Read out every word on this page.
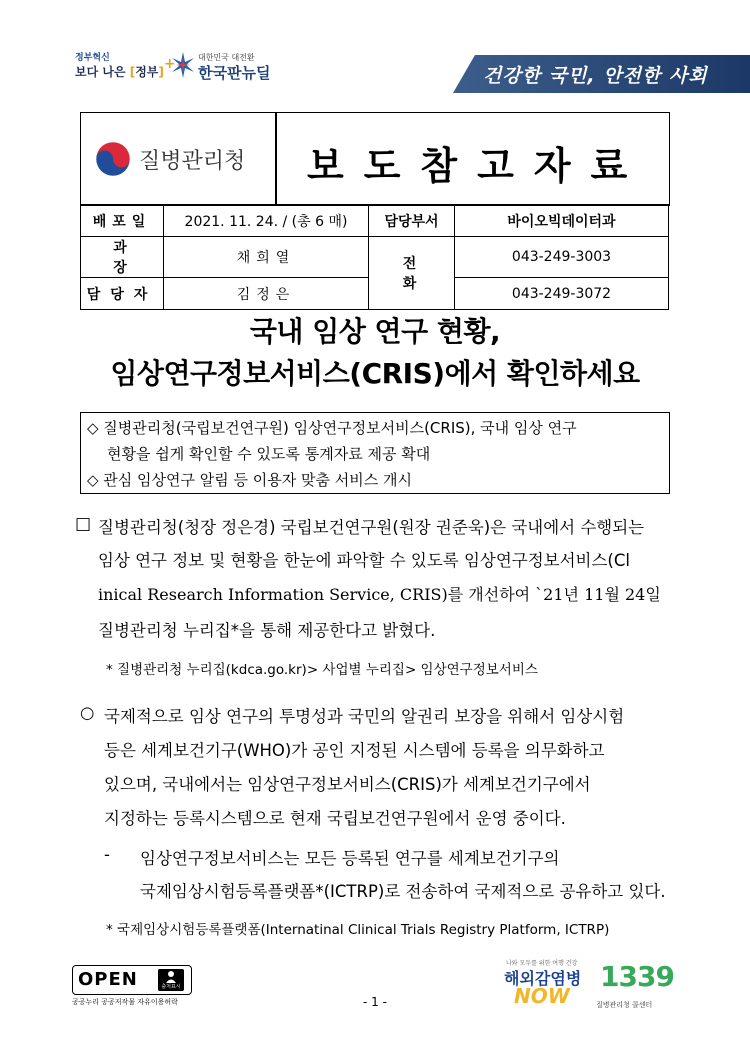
정부혁신
보다 나은 [정부]+	대한민국 대전환
한국판뉴딜	건강한 국민, 안전한 사회
질병관리청 보도참고자료
배포일	2021. 11. 24. / (총 6 매)	담당부서	바이오빅데이터과
과장	채희열	전화	043-249-3003
담당자	김정은		043-249-3072
국내 임상 연구 현황,
임상연구정보서비스(CRIS)에서 확인하세요
◇ 질병관리청(국립보건연구원) 임상연구정보서비스(CRIS), 국내 임상 연구
현황을 쉽게 확인할 수 있도록 통계자료 제공 확대
◇ 관심 임상연구 알림 등 이용자 맞춤 서비스 개시
□ 질병관리청(청장 정은경) 국립보건연구원(원장 권준욱)은 국내에서 수행되는
임상 연구 정보 및 현황을 한눈에 파악할 수 있도록 임상연구정보서비스(Cl
inical Research Information Service, CRIS)를 개선하여 `21년 11월 24일
질병관리청 누리집*을 통해 제공한다고 밝혔다.
* 질병관리청 누리집(kdca.go.kr)> 사업별 누리집> 임상연구정보서비스
○ 국제적으로 임상 연구의 투명성과 국민의 알권리 보장을 위해서 임상시험
등은 세계보건기구(WHO)가 공인 지정된 시스템에 등록을 의무화하고
있으며, 국내에서는 임상연구정보서비스(CRIS)가 세계보건기구에서
지정하는 등록시스템으로 현재 국립보건연구원에서 운영 중이다.
- 임상연구정보서비스는 모든 등록된 연구를 세계보건기구의
국제임상시험등록플랫폼*(ICTRP)로 전송하여 국제적으로 공유하고 있다.
* 국제임상시험등록플랫폼(Internatinal Clinical Trials Registry Platform, ICTRP)
OPEN	출처표시
공공누리 공공저작물 자유이용허락	- 1 -
나와 모두를 위한 여행 건강
해외감염병
NOW
1339
질병관리청 콜센터
